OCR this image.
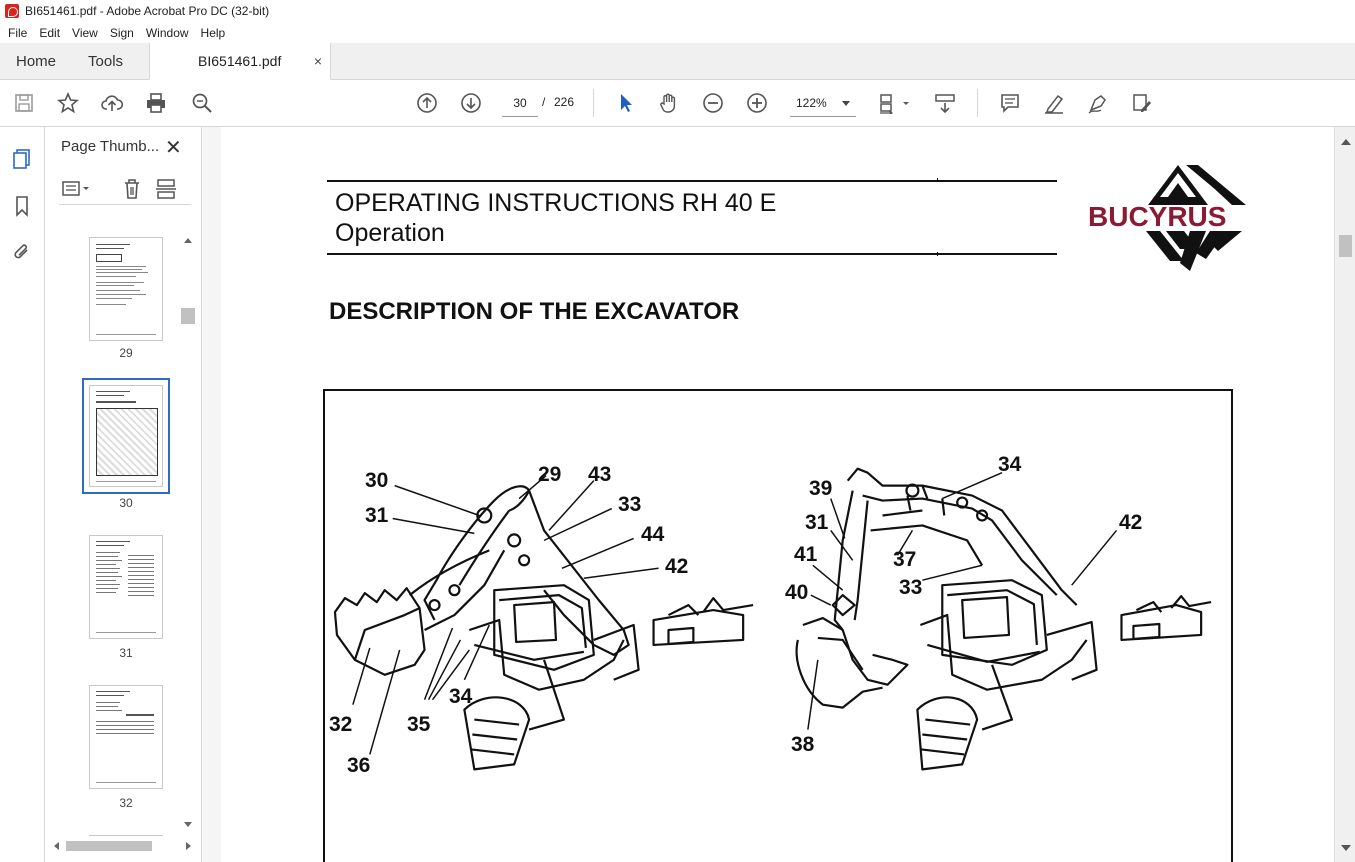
BI651461.pdf - Adobe Acrobat Pro DC (32-bit)
File	Edit	View	Sign	Window	Help
Home	Tools	BI651461.pdf ×
30	/ 226	122%
Page Thumb... ✕
29
30
31
32
OPERATING INSTRUCTIONS RH 40 E
Operation
BUCYRUS
®
DESCRIPTION OF THE EXCAVATOR
30	29 43
31	33
44
42
32
36
35
34
34
39
31	42
37
41
33
40
38
